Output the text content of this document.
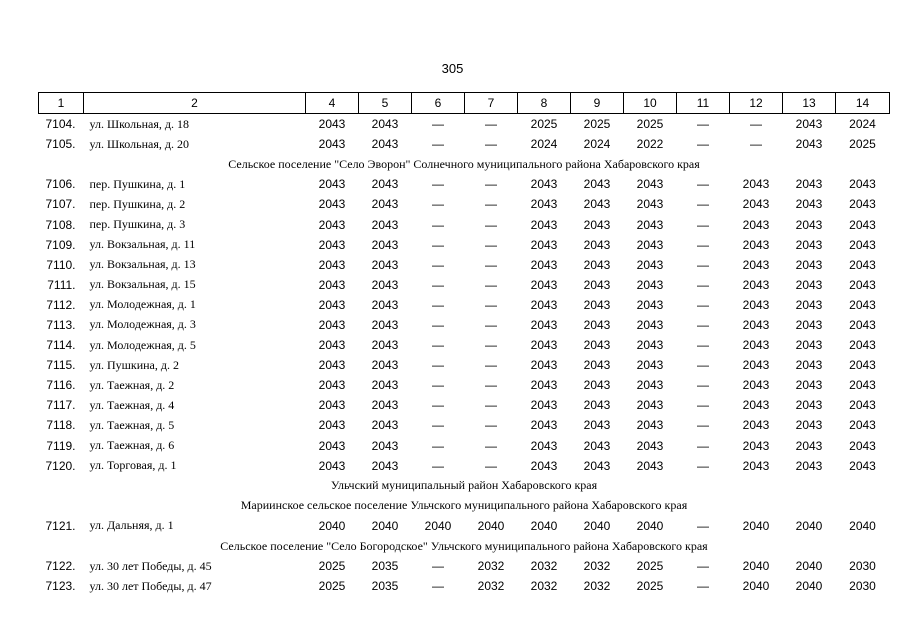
305
1	2	4	5	6	7	8	9	10	11	12	13	14
7104.	ул. Школьная, д. 18	2043	2043	—	—	2025	2025	2025	—	—	2043	2024
7105.	ул. Школьная, д. 20	2043	2043	—	—	2024	2024	2022	—	—	2043	2025
Сельское поселение "Село Эворон" Солнечного муниципального района Хабаровского края												
7106.	пер. Пушкина, д. 1	2043	2043	—	—	2043	2043	2043	—	2043	2043	2043
7107.	пер. Пушкина, д. 2	2043	2043	—	—	2043	2043	2043	—	2043	2043	2043
7108.	пер. Пушкина, д. 3	2043	2043	—	—	2043	2043	2043	—	2043	2043	2043
7109.	ул. Вокзальная, д. 11	2043	2043	—	—	2043	2043	2043	—	2043	2043	2043
7110.	ул. Вокзальная, д. 13	2043	2043	—	—	2043	2043	2043	—	2043	2043	2043
7111.	ул. Вокзальная, д. 15	2043	2043	—	—	2043	2043	2043	—	2043	2043	2043
7112.	ул. Молодежная, д. 1	2043	2043	—	—	2043	2043	2043	—	2043	2043	2043
7113.	ул. Молодежная, д. 3	2043	2043	—	—	2043	2043	2043	—	2043	2043	2043
7114.	ул. Молодежная, д. 5	2043	2043	—	—	2043	2043	2043	—	2043	2043	2043
7115.	ул. Пушкина, д. 2	2043	2043	—	—	2043	2043	2043	—	2043	2043	2043
7116.	ул. Таежная, д. 2	2043	2043	—	—	2043	2043	2043	—	2043	2043	2043
7117.	ул. Таежная, д. 4	2043	2043	—	—	2043	2043	2043	—	2043	2043	2043
7118.	ул. Таежная, д. 5	2043	2043	—	—	2043	2043	2043	—	2043	2043	2043
7119.	ул. Таежная, д. 6	2043	2043	—	—	2043	2043	2043	—	2043	2043	2043
7120.	ул. Торговая, д. 1	2043	2043	—	—	2043	2043	2043	—	2043	2043	2043
Ульчский муниципальный район Хабаровского края												
Мариинское сельское поселение Ульчского муниципального района Хабаровского края												
7121.	ул. Дальняя, д. 1	2040	2040	2040	2040	2040	2040	2040	—	2040	2040	2040
Сельское поселение "Село Богородское" Ульчского муниципального района Хабаровского края												
7122.	ул. 30 лет Победы, д. 45	2025	2035	—	2032	2032	2032	2025	—	2040	2040	2030
7123.	ул. 30 лет Победы, д. 47	2025	2035	—	2032	2032	2032	2025	—	2040	2040	2030
